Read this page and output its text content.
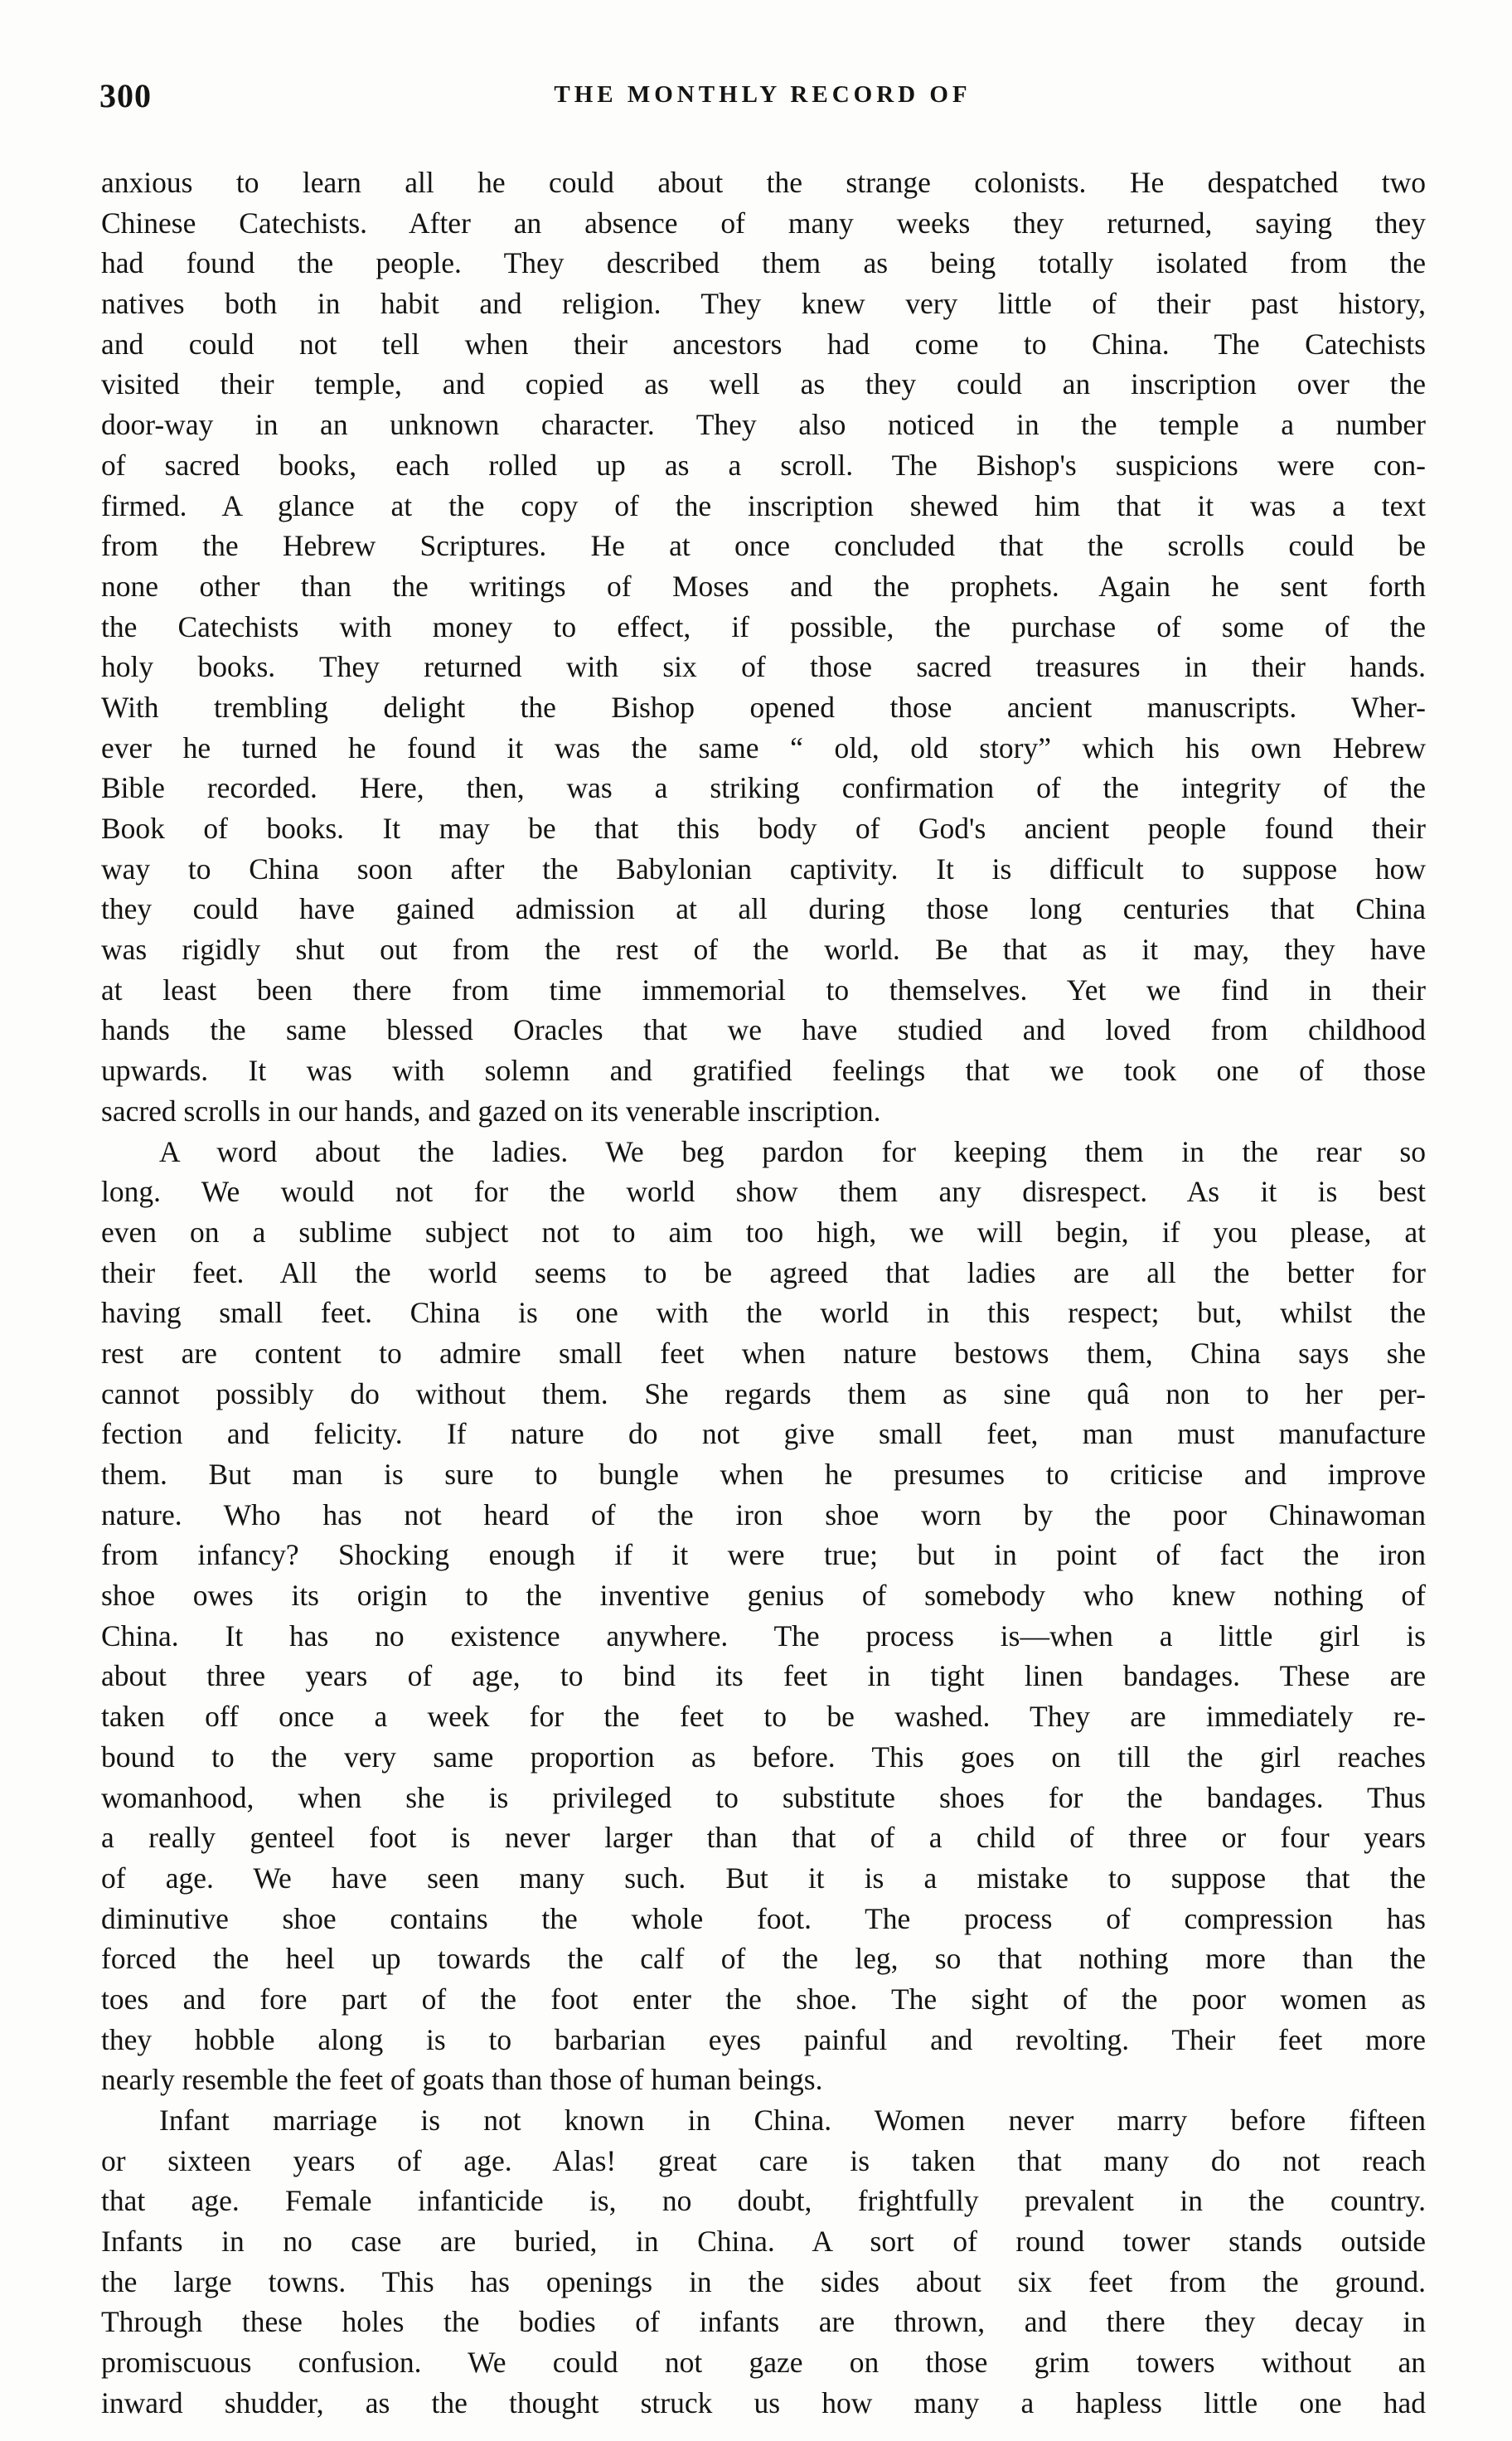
300	THE MONTHLY RECORD OF
anxious to learn all he could about the strange colonists. He despatched two
Chinese Catechists. After an absence of many weeks they returned, saying they
had found the people. They described them as being totally isolated from the
natives both in habit and religion. They knew very little of their past history,
and could not tell when their ancestors had come to China. The Catechists
visited their temple, and copied as well as they could an inscription over the
door-way in an unknown character. They also noticed in the temple a number
of sacred books, each rolled up as a scroll. The Bishop's suspicions were con-
firmed. A glance at the copy of the inscription shewed him that it was a text
from the Hebrew Scriptures. He at once concluded that the scrolls could be
none other than the writings of Moses and the prophets. Again he sent forth
the Catechists with money to effect, if possible, the purchase of some of the
holy books. They returned with six of those sacred treasures in their hands.
With trembling delight the Bishop opened those ancient manuscripts. Wher-
ever he turned he found it was the same “ old, old story” which his own Hebrew
Bible recorded. Here, then, was a striking confirmation of the integrity of the
Book of books. It may be that this body of God's ancient people found their
way to China soon after the Babylonian captivity. It is difficult to suppose how
they could have gained admission at all during those long centuries that China
was rigidly shut out from the rest of the world. Be that as it may, they have
at least been there from time immemorial to themselves. Yet we find in their
hands the same blessed Oracles that we have studied and loved from childhood
upwards. It was with solemn and gratified feelings that we took one of those
sacred scrolls in our hands, and gazed on its venerable inscription.
A word about the ladies. We beg pardon for keeping them in the rear so
long. We would not for the world show them any disrespect. As it is best
even on a sublime subject not to aim too high, we will begin, if you please, at
their feet. All the world seems to be agreed that ladies are all the better for
having small feet. China is one with the world in this respect; but, whilst the
rest are content to admire small feet when nature bestows them, China says she
cannot possibly do without them. She regards them as sine quâ non to her per-
fection and felicity. If nature do not give small feet, man must manufacture
them. But man is sure to bungle when he presumes to criticise and improve
nature. Who has not heard of the iron shoe worn by the poor Chinawoman
from infancy? Shocking enough if it were true; but in point of fact the iron
shoe owes its origin to the inventive genius of somebody who knew nothing of
China. It has no existence anywhere. The process is—when a little girl is
about three years of age, to bind its feet in tight linen bandages. These are
taken off once a week for the feet to be washed. They are immediately re-
bound to the very same proportion as before. This goes on till the girl reaches
womanhood, when she is privileged to substitute shoes for the bandages. Thus
a really genteel foot is never larger than that of a child of three or four years
of age. We have seen many such. But it is a mistake to suppose that the
diminutive shoe contains the whole foot. The process of compression has
forced the heel up towards the calf of the leg, so that nothing more than the
toes and fore part of the foot enter the shoe. The sight of the poor women as
they hobble along is to barbarian eyes painful and revolting. Their feet more
nearly resemble the feet of goats than those of human beings.
Infant marriage is not known in China. Women never marry before fifteen
or sixteen years of age. Alas! great care is taken that many do not reach
that age. Female infanticide is, no doubt, frightfully prevalent in the country.
Infants in no case are buried, in China. A sort of round tower stands outside
the large towns. This has openings in the sides about six feet from the ground.
Through these holes the bodies of infants are thrown, and there they decay in
promiscuous confusion. We could not gaze on those grim towers without an
inward shudder, as the thought struck us how many a hapless little one had
